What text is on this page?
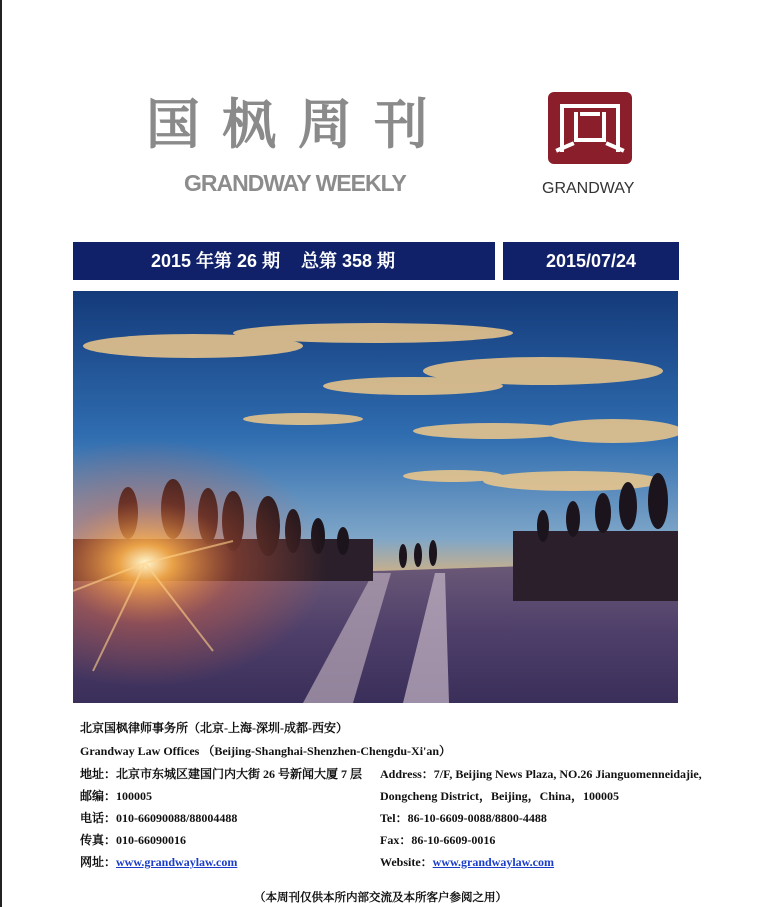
国枫周刊
GRANDWAY WEEKLY	GRANDWAY
2015 年第 26 期 总第 358 期	2015/07/24
北京国枫律师事务所（北京-上海-深圳-成都-西安）
Grandway Law Offices （Beijing-Shanghai-Shenzhen-Chengdu-Xi'an）
地址：北京市东城区建国门内大街 26 号新闻大厦 7 层
邮编：100005
电话：010-66090088/88004488
传真：010-66090016
网址：www.grandwaylaw.com
Address：7/F, Beijing News Plaza, NO.26 Jianguomenneidajie,
Dongcheng District，Beijing，China，100005
Tel：86-10-6609-0088/8800-4488
Fax：86-10-6609-0016
Website：www.grandwaylaw.com
（本周刊仅供本所内部交流及本所客户参阅之用）
